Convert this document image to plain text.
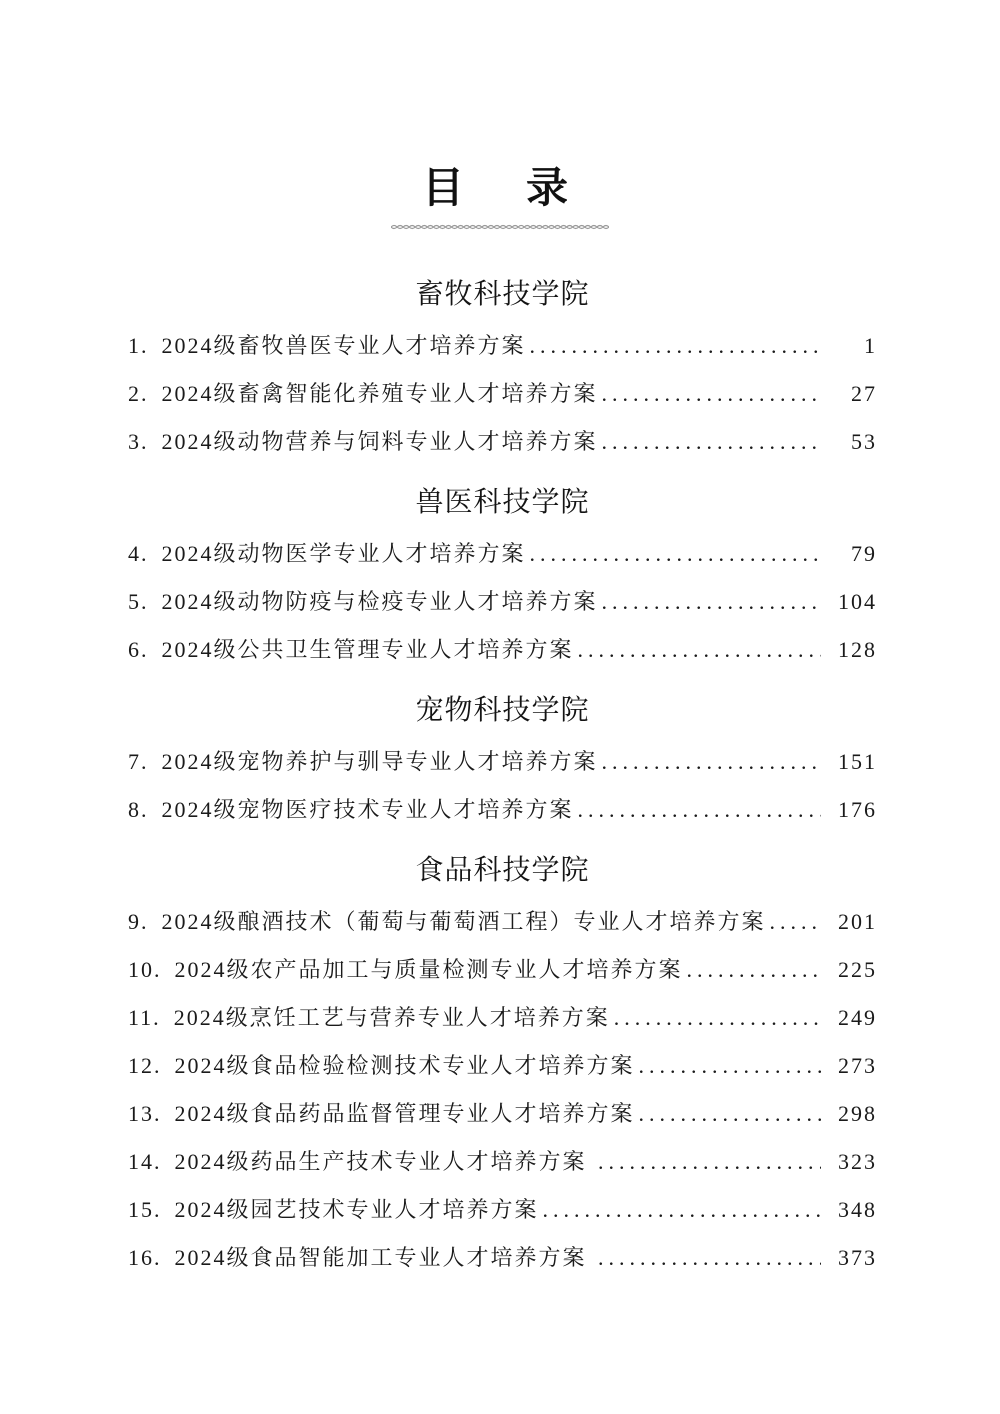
目　录
畜牧科技学院
1. 2024级畜牧兽医专业人才培养方案 .....	1
2. 2024级畜禽智能化养殖专业人才培养方案 .....	27
3. 2024级动物营养与饲料专业人才培养方案 .....	53
兽医科技学院
4. 2024级动物医学专业人才培养方案 .....	79
5. 2024级动物防疫与检疫专业人才培养方案 .....	104
6. 2024级公共卫生管理专业人才培养方案 .....	128
宠物科技学院
7. 2024级宠物养护与驯导专业人才培养方案 .....	151
8. 2024级宠物医疗技术专业人才培养方案 .....	176
食品科技学院
9. 2024级酿酒技术（葡萄与葡萄酒工程）专业人才培养方案 .....	201
10. 2024级农产品加工与质量检测专业人才培养方案 .....	225
11. 2024级烹饪工艺与营养专业人才培养方案 .....	249
12. 2024级食品检验检测技术专业人才培养方案 .....	273
13. 2024级食品药品监督管理专业人才培养方案 .....	298
14. 2024级药品生产技术专业人才培养方案 .....	323
15. 2024级园艺技术专业人才培养方案 .....	348
16. 2024级食品智能加工专业人才培养方案 .....	373
